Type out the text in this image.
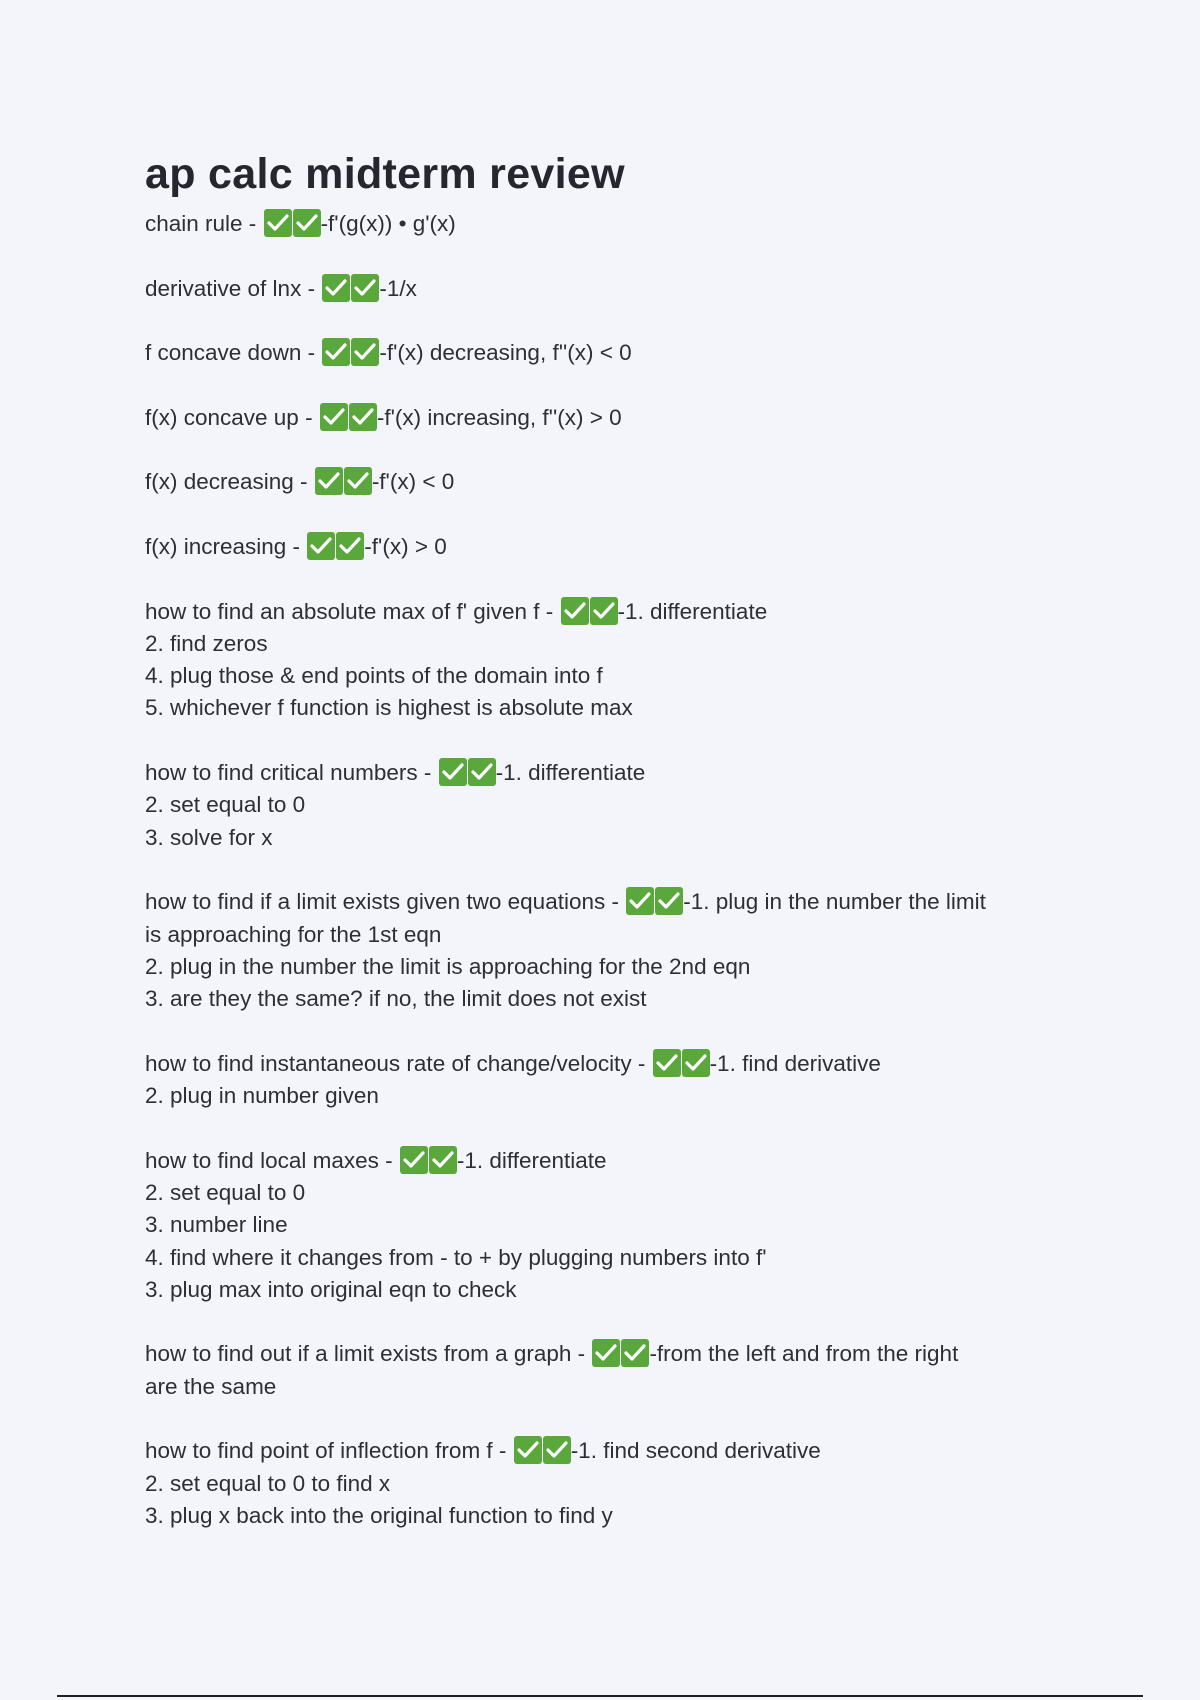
ap calc midterm review
chain rule -	-f'(g(x)) • g'(x)
derivative of lnx -	-1/x
f concave down -	-f'(x) decreasing, f''(x) < 0
f(x) concave up -	-f'(x) increasing, f''(x) > 0
f(x) decreasing -	-f'(x) < 0
f(x) increasing -	-f'(x) > 0
how to find an absolute max of f' given f -	-1. differentiate
2. find zeros
4. plug those & end points of the domain into f
5. whichever f function is highest is absolute max
how to find critical numbers -	-1. differentiate
2. set equal to 0
3. solve for x
how to find if a limit exists given two equations -	-1. plug in the number the limit
is approaching for the 1st eqn
2. plug in the number the limit is approaching for the 2nd eqn
3. are they the same? if no, the limit does not exist
how to find instantaneous rate of change/velocity -	-1. find derivative
2. plug in number given
how to find local maxes -	-1. differentiate
2. set equal to 0
3. number line
4. find where it changes from - to + by plugging numbers into f'
3. plug max into original eqn to check
how to find out if a limit exists from a graph -	-from the left and from the right
are the same
how to find point of inflection from f -	-1. find second derivative
2. set equal to 0 to find x
3. plug x back into the original function to find y
